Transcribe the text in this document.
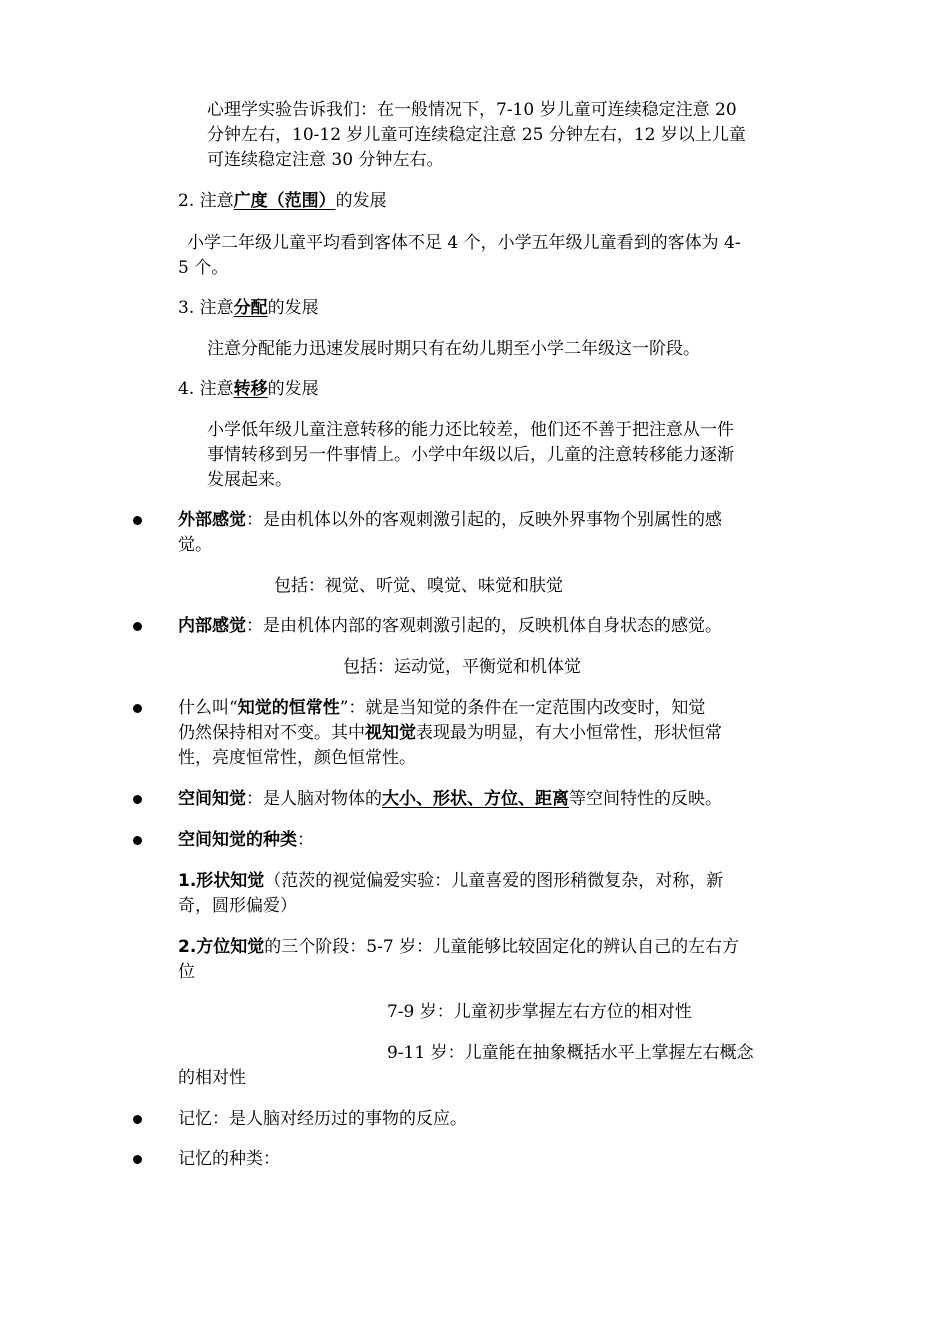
心理学实验告诉我们：在一般情况下，7-10 岁儿童可连续稳定注意 20
分钟左右，10-12 岁儿童可连续稳定注意 25 分钟左右，12 岁以上儿童
可连续稳定注意 30 分钟左右。

2. 注意广度（范围）的发展

小学二年级儿童平均看到客体不足 4 个，小学五年级儿童看到的客体为 4-
5 个。

3. 注意分配的发展

注意分配能力迅速发展时期只有在幼儿期至小学二年级这一阶段。

4. 注意转移的发展

小学低年级儿童注意转移的能力还比较差，他们还不善于把注意从一件
事情转移到另一件事情上。小学中年级以后，儿童的注意转移能力逐渐
发展起来。

外部感觉：是由机体以外的客观刺激引起的，反映外界事物个别属性的感
觉。

包括：视觉、听觉、嗅觉、味觉和肤觉

内部感觉：是由机体内部的客观刺激引起的，反映机体自身状态的感觉。

包括：运动觉，平衡觉和机体觉

什么叫“知觉的恒常性”：就是当知觉的条件在一定范围内改变时，知觉
仍然保持相对不变。其中视知觉表现最为明显，有大小恒常性，形状恒常
性，亮度恒常性，颜色恒常性。

空间知觉：是人脑对物体的大小、形状、方位、距离等空间特性的反映。

空间知觉的种类：

1.形状知觉（范茨的视觉偏爱实验：儿童喜爱的图形稍微复杂，对称，新
奇，圆形偏爱）

2.方位知觉的三个阶段：5-7 岁：儿童能够比较固定化的辨认自己的左右方
位

7-9 岁：儿童初步掌握左右方位的相对性

9-11 岁：儿童能在抽象概括水平上掌握左右概念

的相对性

记忆：是人脑对经历过的事物的反应。

记忆的种类：
